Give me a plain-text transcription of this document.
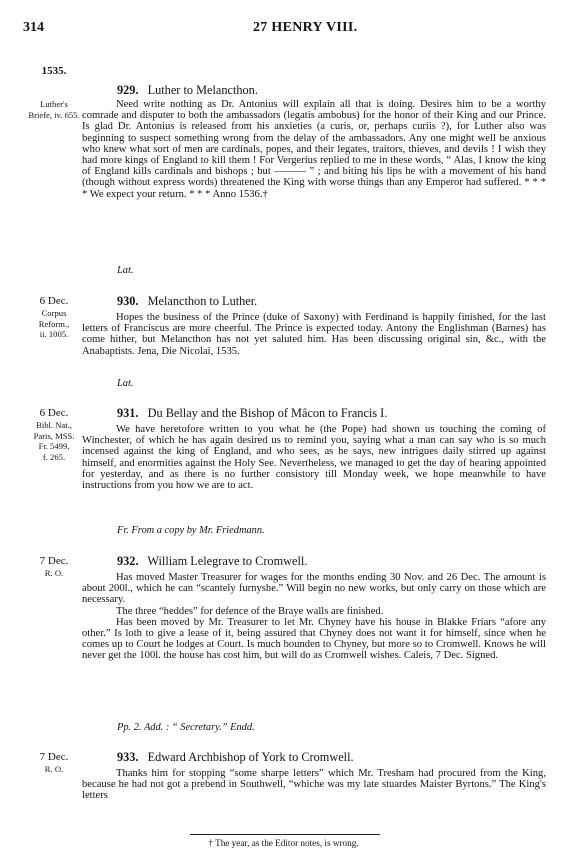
314	27 HENRY VIII.
1535.
Luther's
Briefe, iv. 655.
929. Luther to Melancthon.

Need write nothing as Dr. Antonius will explain all that is doing. Desires him to be a worthy comrade and disputer to both the ambassadors (legatis ambobus) for the honor of their King and our Prince. Is glad Dr. Antonius is released from his anxieties (a curis, or, perhaps curiis ?), for Luther also was beginning to suspect something wrong from the delay of the ambassadors. Any one might well be anxious who knew what sort of men are cardinals, popes, and their legates, traitors, thieves, and devils ! I wish they had more kings of England to kill them ! For Vergerius replied to me in these words, “ Alas, I know the king of England kills cardinals and bishops ; but ——— ” ; and biting his lips he with a movement of his hand (though without express words) threatened the King with worse things than any Emperor had suffered. * * * * We expect your return. * * * Anno 1536.†

Lat.
6 Dec.
Corpus
Reform.,
ii. 1005.
930. Melancthon to Luther.

Hopes the business of the Prince (duke of Saxony) with Ferdinand is happily finished, for the last letters of Franciscus are more cheerful. The Prince is expected today. Antony the Englishman (Barnes) has come hither, but Melancthon has not yet saluted him. Has been discussing original sin, &c., with the Anabaptists. Jena, Die Nicolai, 1535.

Lat.
6 Dec.
Bibl. Nat.,
Paris, MSS.
Fr. 5499,
f. 265.
931. Du Bellay and the Bishop of Mâcon to Francis I.

We have heretofore written to you what he (the Pope) had shown us touching the coming of Winchester, of which he has again desired us to remind you, saying what a man can say who is so much incensed against the king of England, and who sees, as he says, new intrigues daily stirred up against himself, and enormities against the Holy See. Nevertheless, we managed to get the day of hearing appointed for yesterday, and as there is no further consistory till Monday week, we hope meanwhile to have instructions from you how we are to act.

Fr. From a copy by Mr. Friedmann.
7 Dec.
R. O.
932. William Lelegrave to Cromwell.

Has moved Master Treasurer for wages for the months ending 30 Nov. and 26 Dec. The amount is about 200l., which he can “scantely furnyshe.” Will begin no new works, but only carry on those which are necessary.

The three “heddes” for defence of the Braye walls are finished.

Has been moved by Mr. Treasurer to let Mr. Chyney have his house in Blakke Friars “afore any other.” Is loth to give a lease of it, being assured that Chyney does not want it for himself, since when he comes up to Court he lodges at Court. Is much bounden to Chyney, but more so to Cromwell. Knows he will never get the 100l. the house has cost him, but will do as Cromwell wishes. Caleis, 7 Dec. Signed.

Pp. 2. Add. : “ Secretary.” Endd.
7 Dec.
R. O.
933. Edward Archbishop of York to Cromwell.

Thanks him for stopping “some sharpe letters” which Mr. Tresham had procured from the King, because he had not got a prebend in Southwell, “whiche was my late stuardes Maister Byrtons.” The King's letters

† The year, as the Editor notes, is wrong.
